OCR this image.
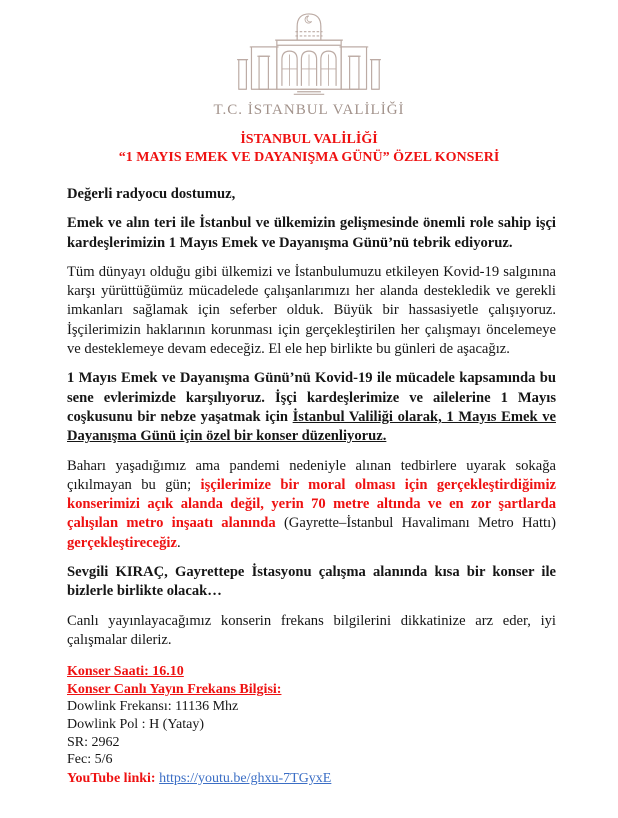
T.C. İSTANBUL VALİLİĞİ
İSTANBUL VALİLİĞİ
“1 MAYIS EMEK VE DAYANIŞMA GÜNÜ” ÖZEL KONSERİ

Değerli radyocu dostumuz,

Emek ve alın teri ile İstanbul ve ülkemizin gelişmesinde önemli role sahip işçi kardeşlerimizin 1 Mayıs Emek ve Dayanışma Günü’nü tebrik ediyoruz.

Tüm dünyayı olduğu gibi ülkemizi ve İstanbulumuzu etkileyen Kovid-19 salgınına karşı yürüttüğümüz mücadelede çalışanlarımızı her alanda destekledik ve gerekli imkanları sağlamak için seferber olduk. Büyük bir hassasiyetle çalışıyoruz. İşçilerimizin haklarının korunması için gerçekleştirilen her çalışmayı öncelemeye ve desteklemeye devam edeceğiz. El ele hep birlikte bu günleri de aşacağız.

1 Mayıs Emek ve Dayanışma Günü’nü Kovid-19 ile mücadele kapsamında bu sene evlerimizde karşılıyoruz. İşçi kardeşlerimize ve ailelerine 1 Mayıs coşkusunu bir nebze yaşatmak için İstanbul Valiliği olarak, 1 Mayıs Emek ve Dayanışma Günü için özel bir konser düzenliyoruz.

Baharı yaşadığımız ama pandemi nedeniyle alınan tedbirlere uyarak sokağa çıkılmayan bu gün; işçilerimize bir moral olması için gerçekleştirdiğimiz konserimizi açık alanda değil, yerin 70 metre altında ve en zor şartlarda çalışılan metro inşaatı alanında (Gayrette–İstanbul Havalimanı Metro Hattı) gerçekleştireceğiz.

Sevgili KIRAÇ, Gayrettepe İstasyonu çalışma alanında kısa bir konser ile bizlerle birlikte olacak…

Canlı yayınlayacağımız konserin frekans bilgilerini dikkatinize arz eder, iyi çalışmalar dileriz.

Konser Saati: 16.10
Konser Canlı Yayın Frekans Bilgisi:
Dowlink Frekansı: 11136 Mhz
Dowlink Pol : H (Yatay)
SR: 2962
Fec: 5/6

YouTube linki: https://youtu.be/ghxu-7TGyxE
